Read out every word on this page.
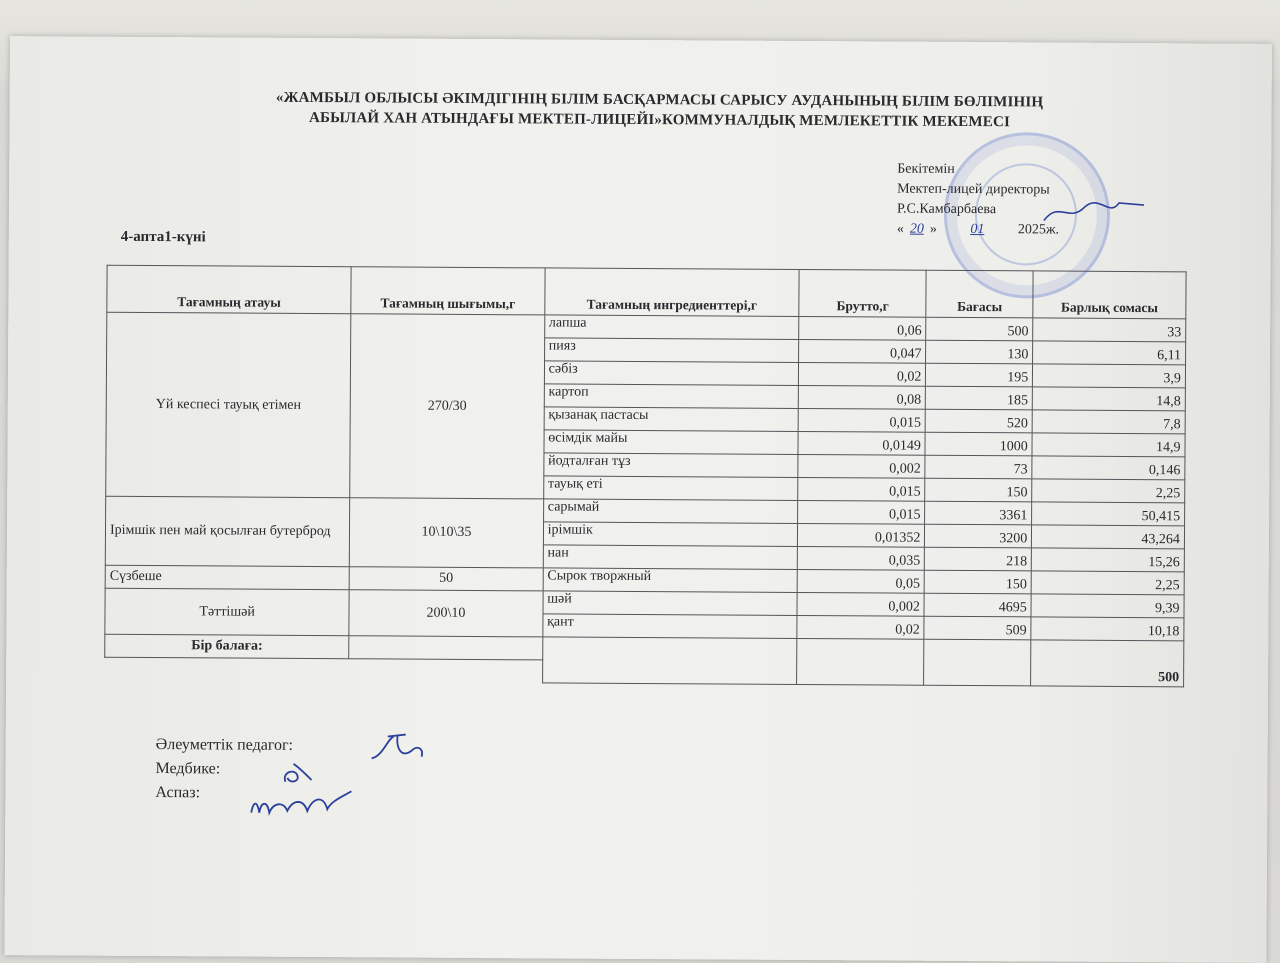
«ЖАМБЫЛ ОБЛЫСЫ ӘКІМДІГІНІҢ БІЛІМ БАСҚАРМАСЫ САРЫСУ АУДАНЫНЫҢ БІЛІМ БӨЛІМІНІҢ
АБЫЛАЙ ХАН АТЫНДАҒЫ МЕКТЕП-ЛИЦЕЙІ»КОММУНАЛДЫҚ МЕМЛЕКЕТТІК МЕКЕМЕСІ
Бекітемін
Мектеп-лицей директоры
Р.С.Камбарбаева
« 20 » 01 2025ж.
4-апта1-күні
Тағамның атауы	Тағамның шығымы,г	Тағамның ингредиенттері,г	Брутто,г	Бағасы	Барлық сомасы
Үй кеспесі тауық етімен	270/30	лапша	0,06	500	33
		пияз	0,047	130	6,11
		сәбіз	0,02	195	3,9
		картоп	0,08	185	14,8
		қызанақ пастасы	0,015	520	7,8
		өсімдік майы	0,0149	1000	14,9
		йодталған тұз	0,002	73	0,146
		тауық еті	0,015	150	2,25
Ірімшік пен май қосылған бутерброд	10\10\35	сарымай	0,015	3361	50,415
		ірімшік	0,01352	3200	43,264
		нан	0,035	218	15,26
Сүзбеше	50	Сырок творжный	0,05	150	2,25
Тәттішәй	200\10	шәй	0,002	4695	9,39
		қант	0,02	509	10,18
Бір балаға:					500

Әлеуметтік педагог:
Медбике:
Аспаз:
